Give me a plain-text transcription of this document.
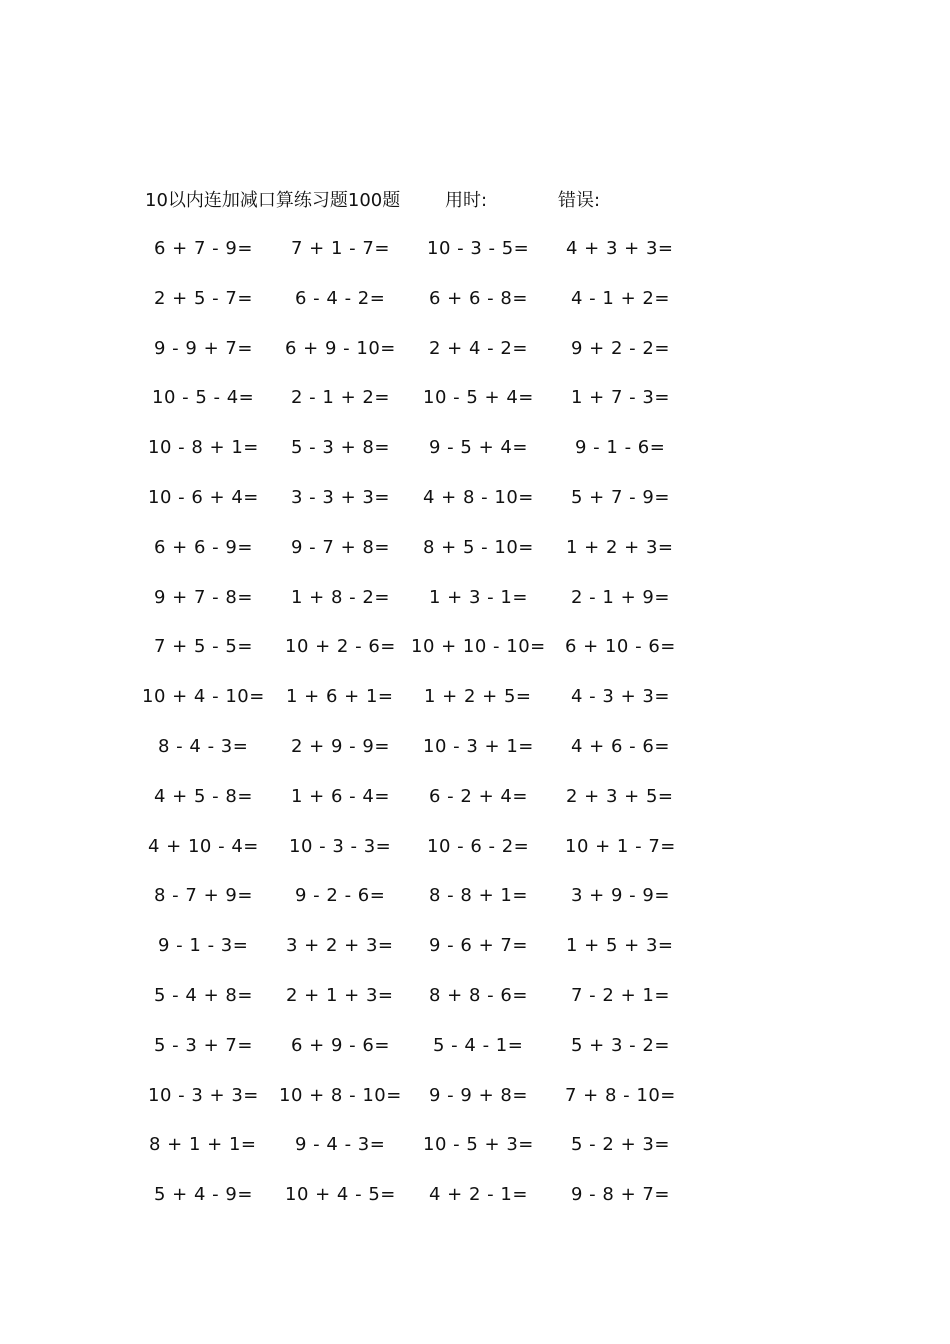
10以内连加减口算练习题100题 用时:	错误:
6 + 7 - 9= 7 + 1 - 7= 10 - 3 - 5= 4 + 3 + 3=
2 + 5 - 7= 6 - 4 - 2= 6 + 6 - 8= 4 - 1 + 2=
9 - 9 + 7= 6 + 9 - 10= 2 + 4 - 2= 9 + 2 - 2=
10 - 5 - 4= 2 - 1 + 2= 10 - 5 + 4= 1 + 7 - 3=
10 - 8 + 1= 5 - 3 + 8= 9 - 5 + 4=	9 - 1 - 6=
10 - 6 + 4= 3 - 3 + 3= 4 + 8 - 10= 5 + 7 - 9=
6 + 6 - 9= 9 - 7 + 8= 8 + 5 - 10= 1 + 2 + 3=
9 + 7 - 8= 1 + 8 - 2= 1 + 3 - 1= 2 - 1 + 9=
7 + 5 - 5= 10 + 2 - 6= 10 + 10 - 10= 6 + 10 - 6=
10 + 4 - 10= 1 + 6 + 1= 1 + 2 + 5= 4 - 3 + 3=
8 - 4 - 3= 2 + 9 - 9= 10 - 3 + 1= 4 + 6 - 6=
4 + 5 - 8= 1 + 6 - 4= 6 - 2 + 4= 2 + 3 + 5=
4 + 10 - 4= 10 - 3 - 3= 10 - 6 - 2= 10 + 1 - 7=
8 - 7 + 9= 9 - 2 - 6= 8 - 8 + 1= 3 + 9 - 9=
9 - 1 - 3= 3 + 2 + 3= 9 - 6 + 7= 1 + 5 + 3=
5 - 4 + 8= 2 + 1 + 3= 8 + 8 - 6= 7 - 2 + 1=
5 - 3 + 7= 6 + 9 - 6= 5 - 4 - 1=	5 + 3 - 2=
10 - 3 + 3= 10 + 8 - 10= 9 - 9 + 8= 7 + 8 - 10=
8 + 1 + 1= 9 - 4 - 3= 10 - 5 + 3= 5 - 2 + 3=
5 + 4 - 9= 10 + 4 - 5= 4 + 2 - 1= 9 - 8 + 7=
